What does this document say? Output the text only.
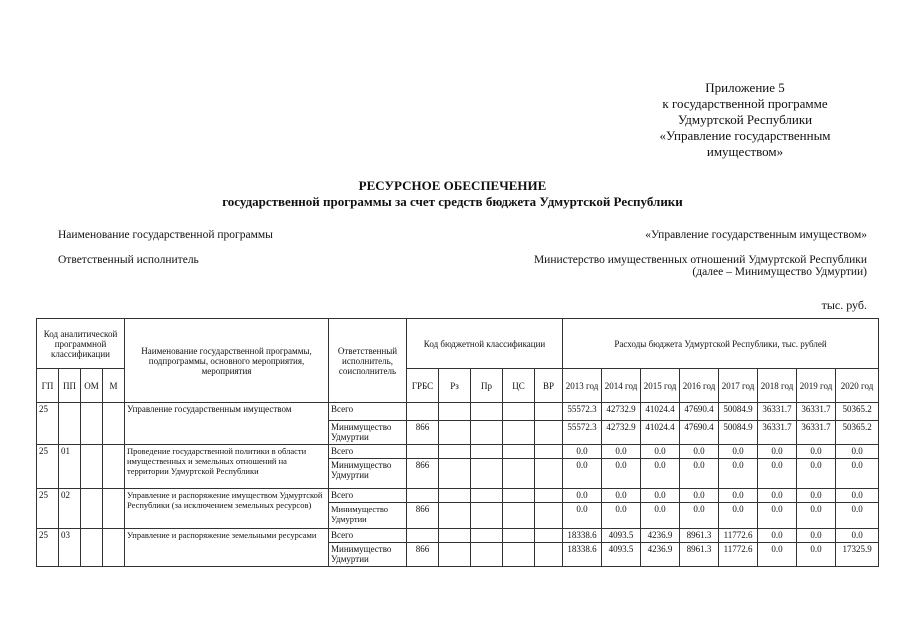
Приложение 5
к государственной программе
Удмуртской Республики
«Управление государственным
имуществом»
РЕСУРСНОЕ ОБЕСПЕЧЕНИЕ
государственной программы за счет средств бюджета Удмуртской Республики
Наименование государственной программы	«Управление государственным имуществом»
Ответственный исполнитель	Министерство имущественных отношений Удмуртской Республики
(далее – Минимущество Удмуртии)
тыс. руб.
Код аналитической программной классификации				Наименование государственной программы, подпрограммы, основного мероприятия, мероприятия	Ответственный исполнитель, соисполнитель	Код бюджетной классификации					Расходы бюджета Удмуртской Республики, тыс. рублей							
ГП	ПП	ОМ	М			ГРБС	Рз	Пр	ЦС	ВР	2013 год	2014 год	2015 год	2016 год	2017 год	2018 год	2019 год	2020 год
25				Управление государственным имуществом	Всего						55572.3	42732.9	41024.4	47690.4	50084.9	36331.7	36331.7	50365.2
					Минимущество Удмуртии	866					55572.3	42732.9	41024.4	47690.4	50084.9	36331.7	36331.7	50365.2
25	01			Проведение государственной политики в области имущественных и земельных отношений на территории Удмуртской Республики	Всего						0.0	0.0	0.0	0.0	0.0	0.0	0.0	0.0
					Минимущество Удмуртии	866					0.0	0.0	0.0	0.0	0.0	0.0	0.0	0.0
25	02			Управление и распоряжение имуществом Удмуртской Республики (за исключением земельных ресурсов)	Всего						0.0	0.0	0.0	0.0	0.0	0.0	0.0	0.0
					Минимущество Удмуртии	866					0.0	0.0	0.0	0.0	0.0	0.0	0.0	0.0
25	03			Управление и распоряжение земельными ресурсами	Всего						18338.6	4093.5	4236.9	8961.3	11772.6	0.0	0.0	0.0
					Минимущество Удмуртии	866					18338.6	4093.5	4236.9	8961.3	11772.6	0.0	0.0	17325.9
